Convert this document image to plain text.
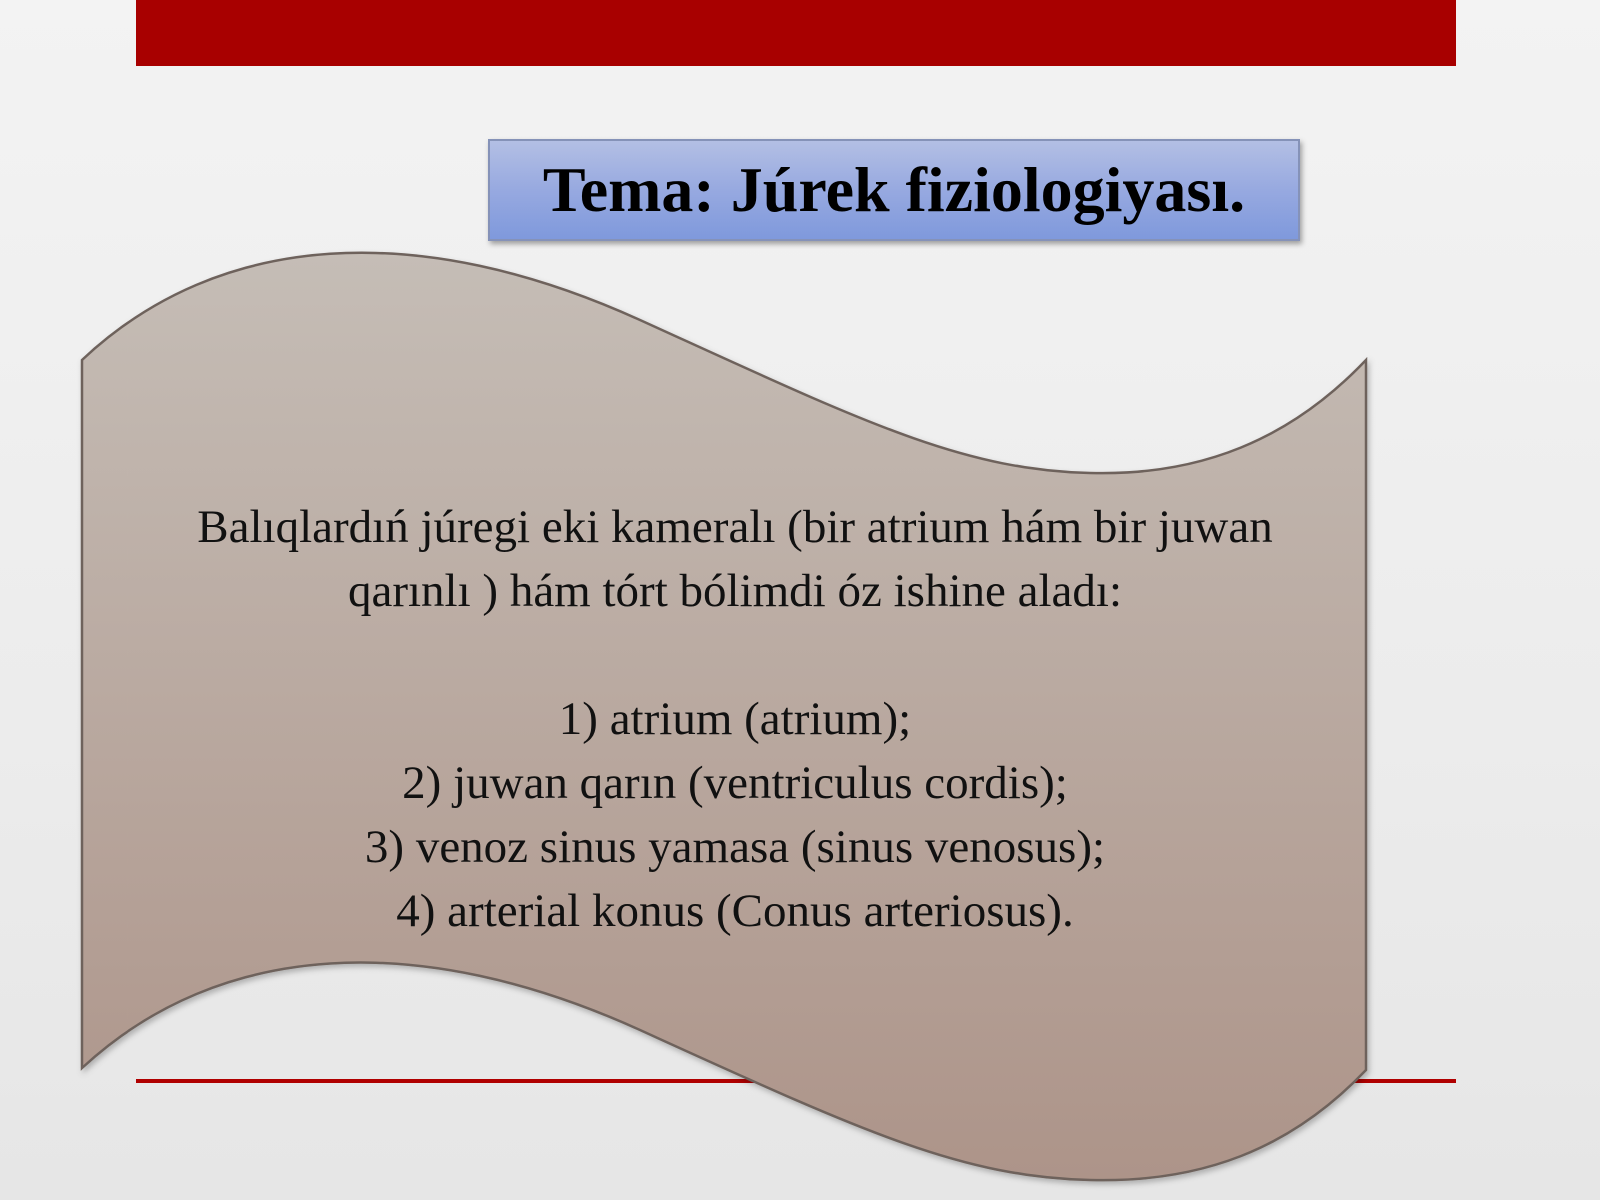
Tema: Júrek fiziologiyası.

Balıqlardıń júregi eki kameralı (bir atrium hám bir juwan

qarınlı ) hám tórt bólimdi óz ishine aladı:

1) atrium (atrium);

2) juwan qarın (ventriculus cordis);

3) venoz sinus yamasa (sinus venosus);

4) arterial konus (Conus arteriosus).
